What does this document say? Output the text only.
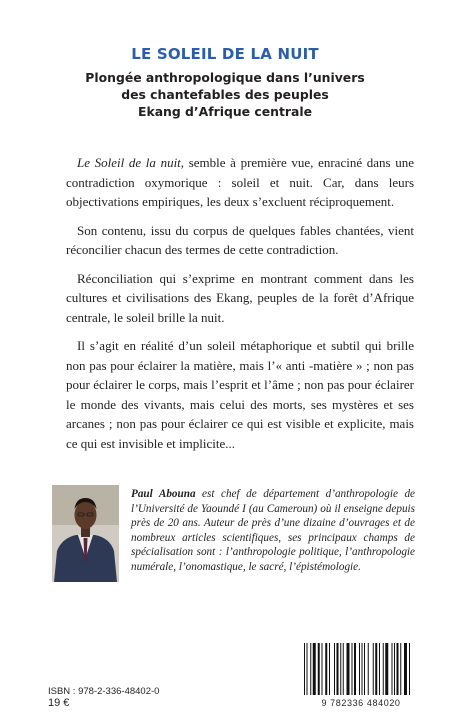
LE SOLEIL DE LA NUIT
Plongée anthropologique dans l’univers
des chantefables des peuples
Ekang d’Afrique centrale

Le Soleil de la nuit, semble à première vue, enraciné dans une contradiction oxymorique : soleil et nuit. Car, dans leurs objectivations empiriques, les deux s’excluent réciproquement.

Son contenu, issu du corpus de quelques fables chantées, vient réconcilier chacun des termes de cette contradiction.

Réconciliation qui s’exprime en montrant comment dans les cultures et civilisations des Ekang, peuples de la forêt d’Afrique centrale, le soleil brille la nuit.

Il s’agit en réalité d’un soleil métaphorique et subtil qui brille non pas pour éclairer la matière, mais l’« anti -matière » ; non pas pour éclairer le corps, mais l’esprit et l’âme ; non pas pour éclairer le monde des vivants, mais celui des morts, ses mystères et ses arcanes ; non pas pour éclairer ce qui est visible et explicite, mais ce qui est invisible et implicite...

Paul Abouna est chef de département d’anthropologie de l’Université de Yaoundé I (au Cameroun) où il enseigne depuis près de 20 ans. Auteur de près d’une dizaine d’ouvrages et de nombreux articles scientifiques, ses principaux champs de spécialisation sont : l’anthropologie politique, l’anthropologie numérale, l’onomastique, le sacré, l’épistémologie.
ISBN : 978-2-336-48402-0
19 €	9 782336 484020
